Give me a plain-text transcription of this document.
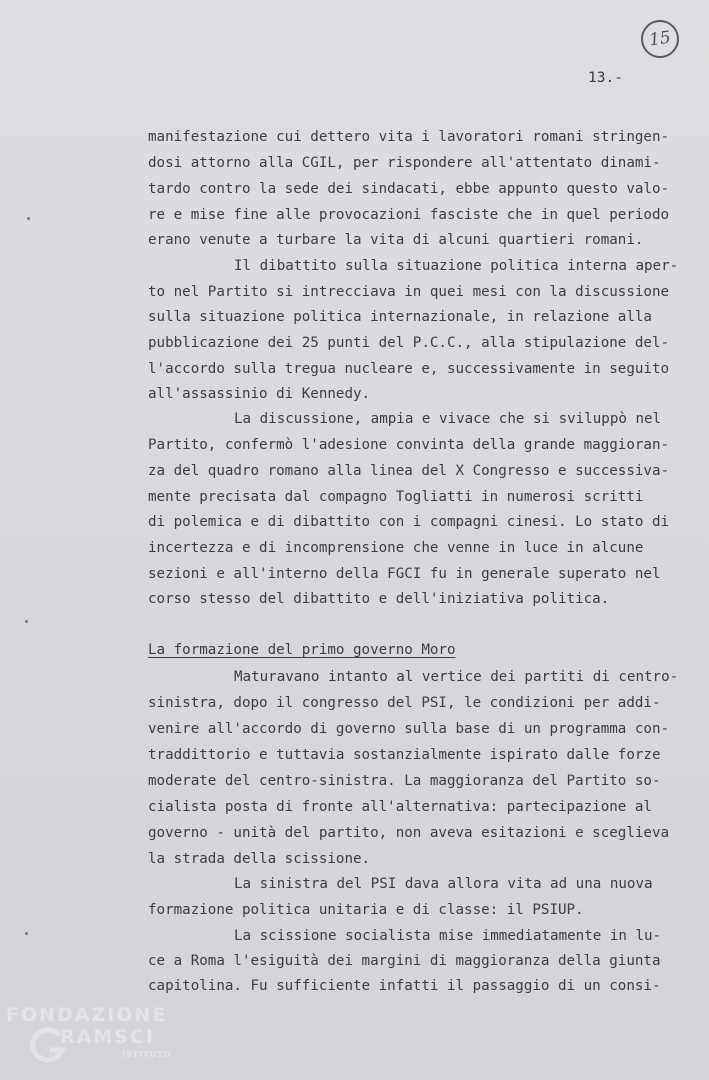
15
13.-
manifestazione cui dettero vita i lavoratori romani stringen-
dosi attorno alla CGIL, per rispondere all'attentato dinami-
tardo contro la sede dei sindacati, ebbe appunto questo valo-
re e mise fine alle provocazioni fasciste che in quel periodo
erano venute a turbare la vita di alcuni quartieri romani.
Il dibattito sulla situazione politica interna aper-
to nel Partito si intrecciava in quei mesi con la discussione
sulla situazione politica internazionale, in relazione alla
pubblicazione dei 25 punti del P.C.C., alla stipulazione del-
l'accordo sulla tregua nucleare e, successivamente in seguito
all'assassinio di Kennedy.
La discussione, ampia e vivace che si sviluppò nel
Partito, confermò l'adesione convinta della grande maggioran-
za del quadro romano alla linea del X Congresso e successiva-
mente precisata dal compagno Togliatti in numerosi scritti
di polemica e di dibattito con i compagni cinesi. Lo stato di
incertezza e di incomprensione che venne in luce in alcune
sezioni e all'interno della FGCI fu in generale superato nel
corso stesso del dibattito e dell'iniziativa politica.
La formazione del primo governo Moro
Maturavano intanto al vertice dei partiti di centro-
sinistra, dopo il congresso del PSI, le condizioni per addi-
venire all'accordo di governo sulla base di un programma con-
traddittorio e tuttavia sostanzialmente ispirato dalle forze
moderate del centro-sinistra. La maggioranza del Partito so-
cialista posta di fronte all'alternativa: partecipazione al
governo - unità del partito, non aveva esitazioni e sceglieva
la strada della scissione.
La sinistra del PSI dava allora vita ad una nuova
formazione politica unitaria e di classe: il PSIUP.
La scissione socialista mise immediatamente in lu-
ce a Roma l'esiguità dei margini di maggioranza della giunta
capitolina. Fu sufficiente infatti il passaggio di un consi-
FONDAZIONE
RAMSCI
ISTITUTO
